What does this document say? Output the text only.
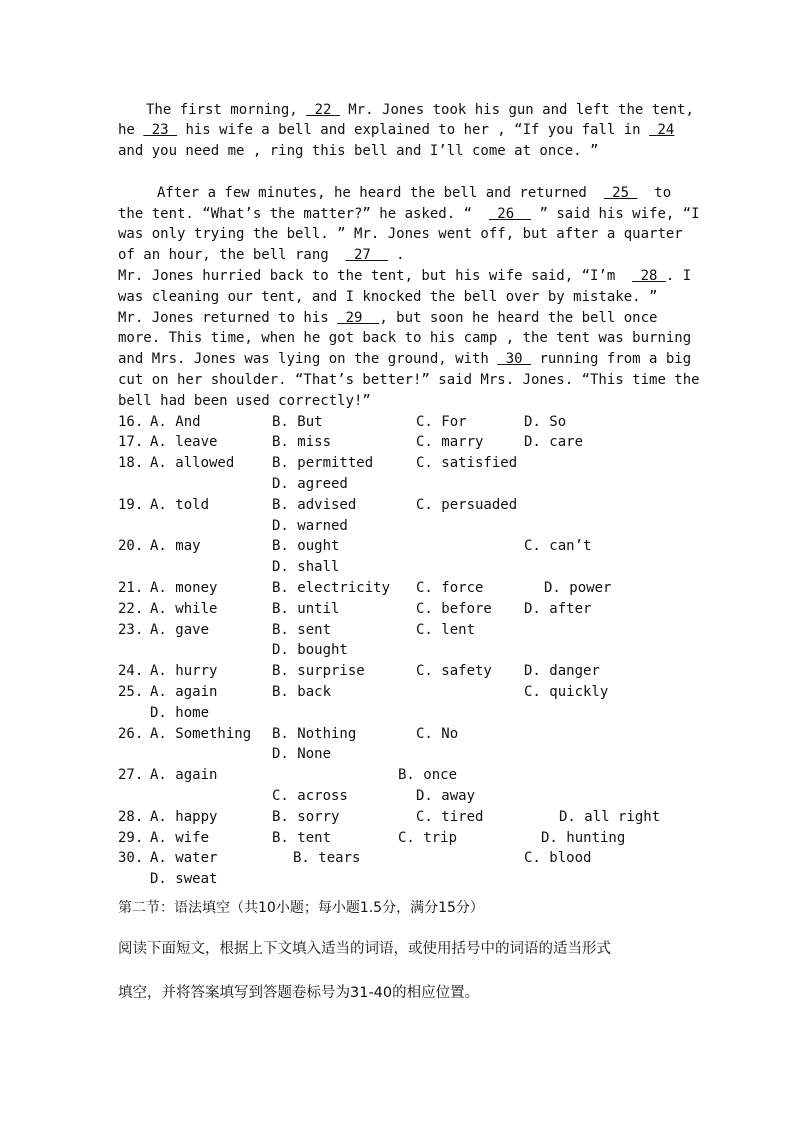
The first morning,  22  Mr. Jones took his gun and left the tent,
he  23  his wife a bell and explained to her , “If you fall in  24
and you need me , ring this bell and I’ll come at once. ”
After a few minutes, he heard the bell and returned   25   to
the tent. “What’s the matter?” he asked. “   26   ” said his wife, “I
was only trying the bell. ” Mr. Jones went off, but after a quarter
of an hour, the bell rang   27   .
Mr. Jones hurried back to the tent, but his wife said, “I’m   28 . I
was cleaning our tent, and I knocked the bell over by mistake. ”
Mr. Jones returned to his  29  , but soon he heard the bell once
more. This time, when he got back to his camp , the tent was burning
and Mrs. Jones was lying on the ground, with  30  running from a big
cut on her shoulder. “That’s better!” said Mrs. Jones. “This time the
bell had been used correctly!”
16. A. And	B. But	C. For	D. So
17. A. leave	B. miss	C. marry	D. care
18. A. allowed	B. permitted	C. satisfied
D. agreed
19. A. told	B. advised	C. persuaded
D. warned
20. A. may	B. ought	C. can’t
D. shall
21. A. money	B. electricity C. force	D. power
22. A. while	B. until	C. before D. after
23. A. gave	B. sent	C. lent
D. bought
24. A. hurry	B. surprise	C. safety D. danger
25. A. again	B. back	C. quickly
D. home
26. A. Something B. Nothing	C. No
D. None
27. A. again	B. once
C. across	D. away
28. A. happy	B. sorry	C. tired	D. all right
29. A. wife	B. tent	C. trip	D. hunting
30. A. water	B. tears	C. blood
D. sweat
第二节：语法填空（共10小题；每小题1.5分，满分15分）
阅读下面短文，根据上下文填入适当的词语，或使用括号中的词语的适当形式
填空，并将答案填写到答题卷标号为31-40的相应位置。
